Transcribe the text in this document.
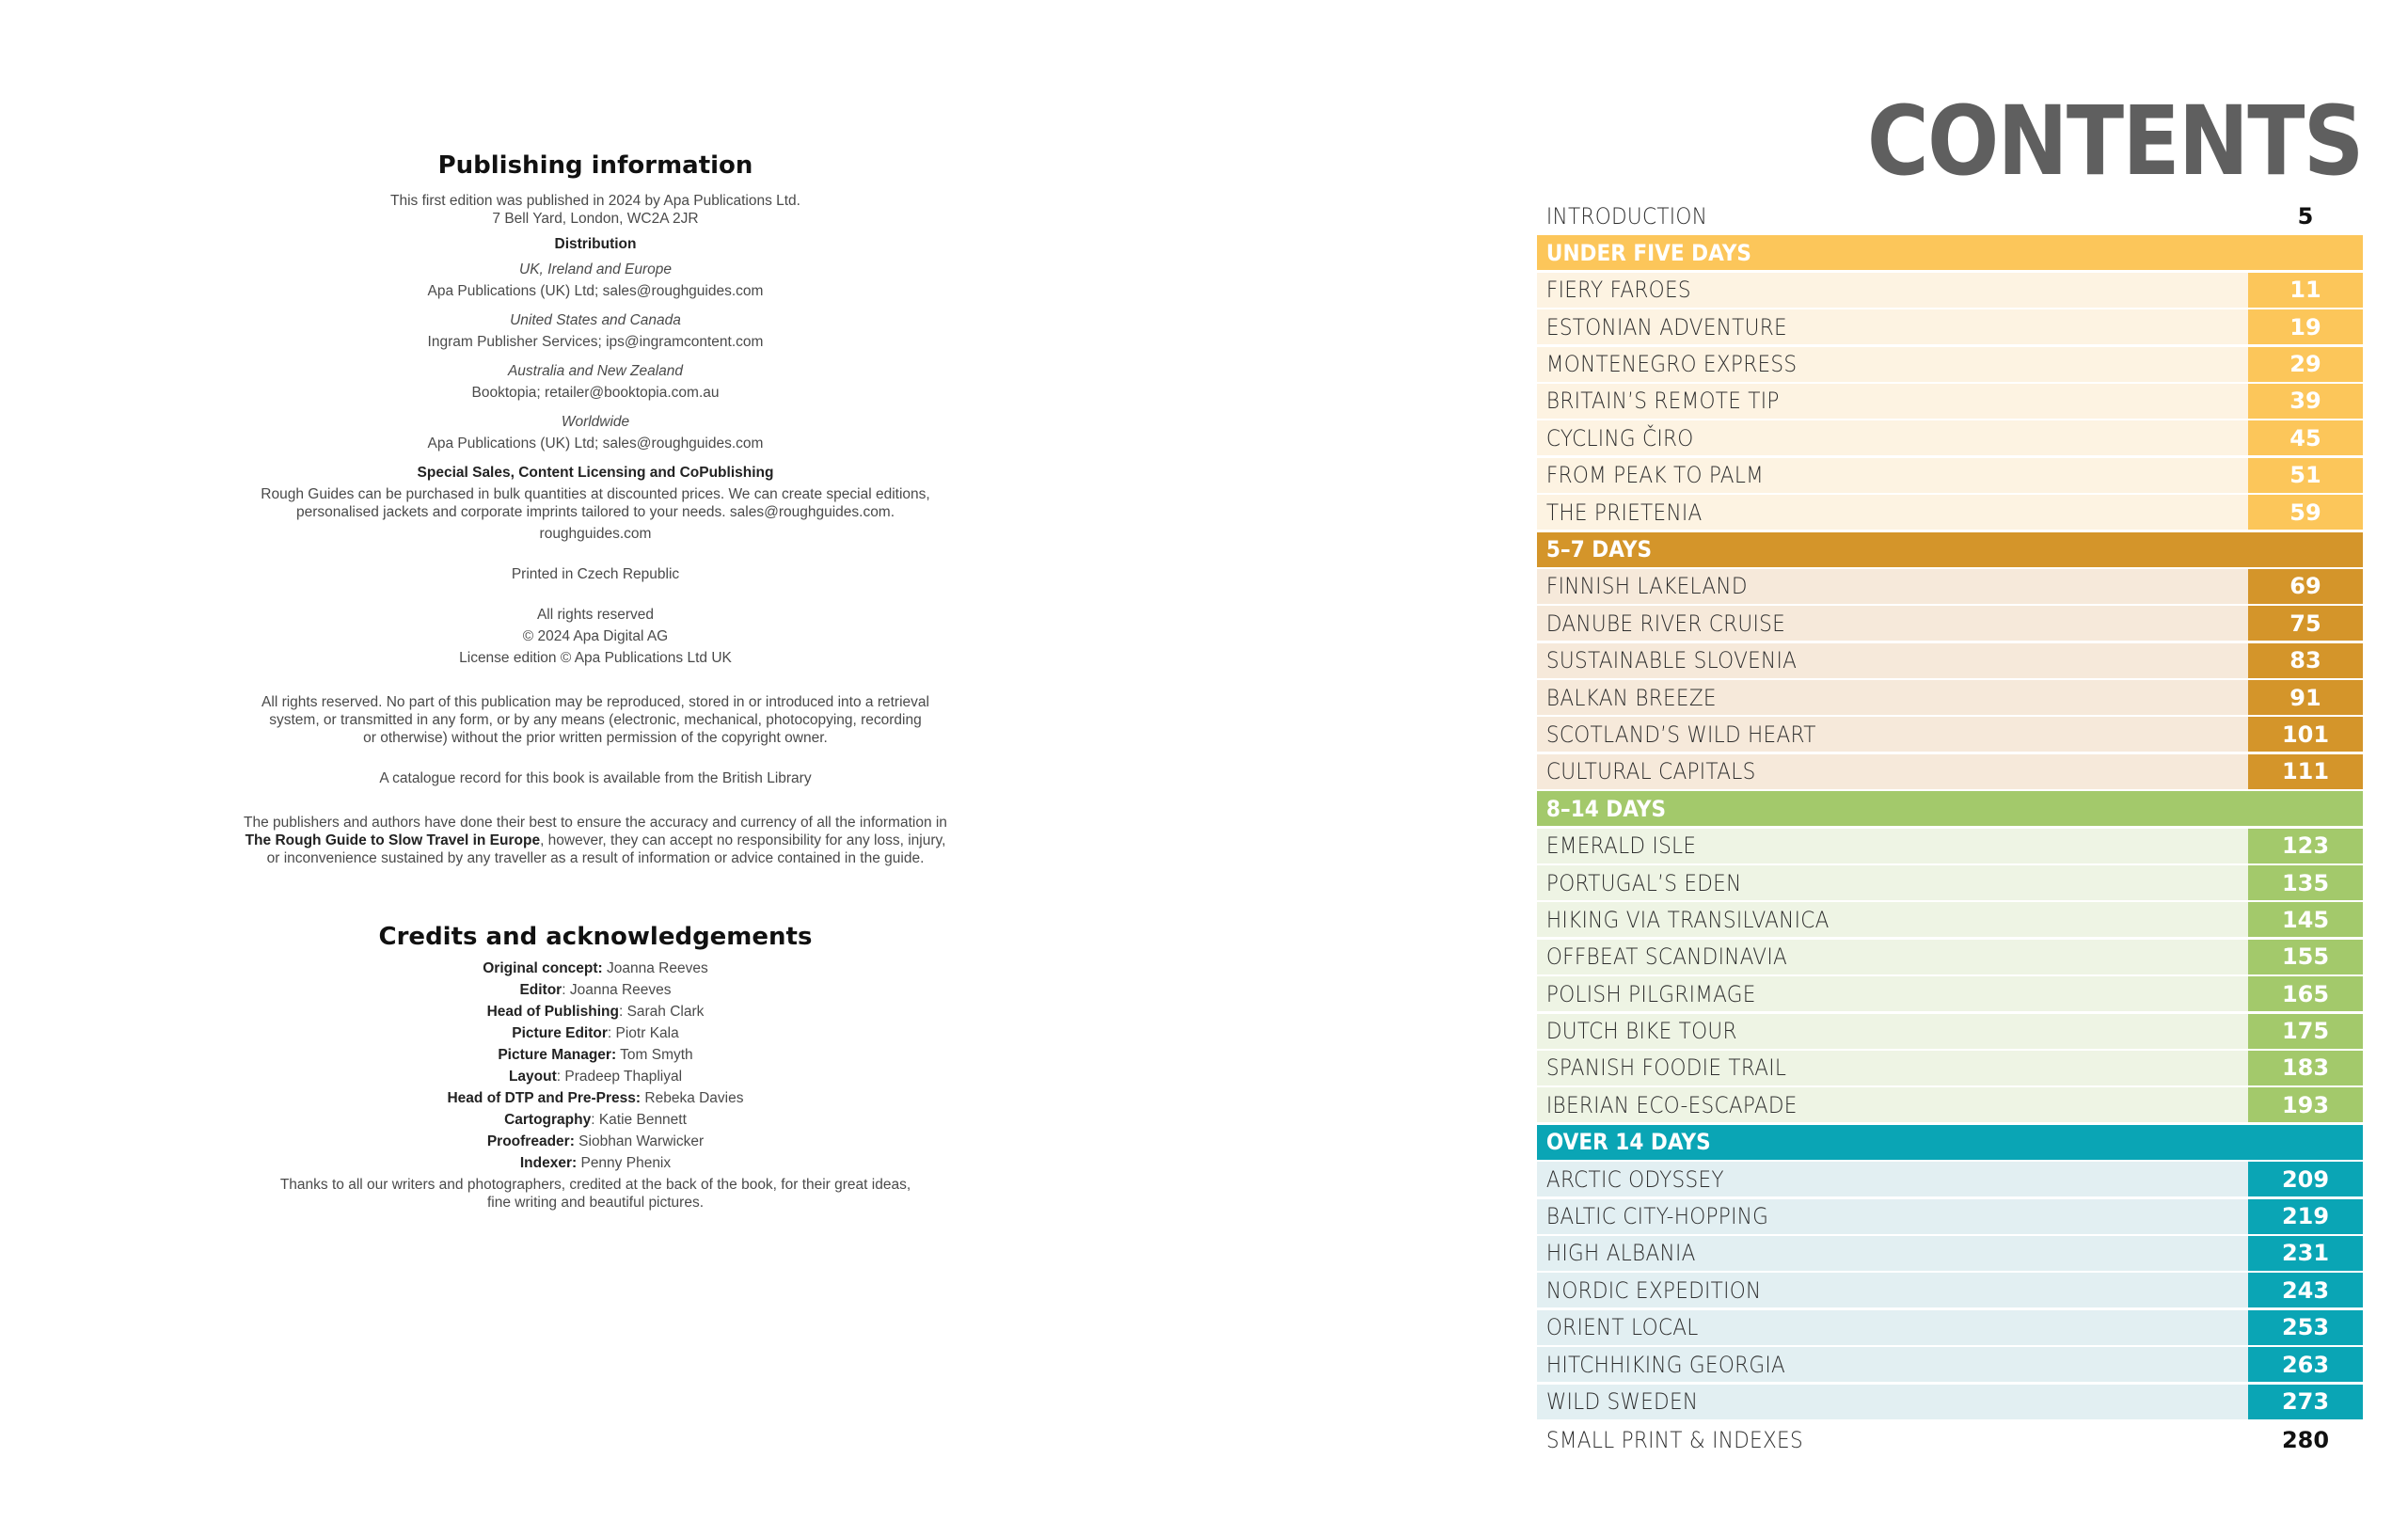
Publishing information
This first edition was published in 2024 by Apa Publications Ltd.
7 Bell Yard, London, WC2A 2JR
Distribution
UK, Ireland and Europe
Apa Publications (UK) Ltd; sales@roughguides.com
United States and Canada
Ingram Publisher Services; ips@ingramcontent.com
Australia and New Zealand
Booktopia; retailer@booktopia.com.au
Worldwide
Apa Publications (UK) Ltd; sales@roughguides.com
Special Sales, Content Licensing and CoPublishing
Rough Guides can be purchased in bulk quantities at discounted prices. We can create special editions,
personalised jackets and corporate imprints tailored to your needs. sales@roughguides.com.
roughguides.com
Printed in Czech Republic
All rights reserved
© 2024 Apa Digital AG
License edition © Apa Publications Ltd UK
All rights reserved. No part of this publication may be reproduced, stored in or introduced into a retrieval
system, or transmitted in any form, or by any means (electronic, mechanical, photocopying, recording
or otherwise) without the prior written permission of the copyright owner.
A catalogue record for this book is available from the British Library
The publishers and authors have done their best to ensure the accuracy and currency of all the information in
The Rough Guide to Slow Travel in Europe, however, they can accept no responsibility for any loss, injury,
or inconvenience sustained by any traveller as a result of information or advice contained in the guide.
Credits and acknowledgements
Original concept: Joanna Reeves
Editor: Joanna Reeves
Head of Publishing: Sarah Clark
Picture Editor: Piotr Kala
Picture Manager: Tom Smyth
Layout: Pradeep Thapliyal
Head of DTP and Pre-Press: Rebeka Davies
Cartography: Katie Bennett
Proofreader: Siobhan Warwicker
Indexer: Penny Phenix
Thanks to all our writers and photographers, credited at the back of the book, for their great ideas,
fine writing and beautiful pictures.
CONTENTS
INTRODUCTION	5
UNDER FIVE DAYS
FIERY FAROES	11
ESTONIAN ADVENTURE	19
MONTENEGRO EXPRESS	29
BRITAIN’S REMOTE TIP	39
CYCLING ČIRO	45
FROM PEAK TO PALM	51
THE PRIETENIA	59
5–7 DAYS
FINNISH LAKELAND	69
DANUBE RIVER CRUISE	75
SUSTAINABLE SLOVENIA	83
BALKAN BREEZE	91
SCOTLAND’S WILD HEART	101
CULTURAL CAPITALS	111
8–14 DAYS
EMERALD ISLE	123
PORTUGAL’S EDEN	135
HIKING VIA TRANSILVANICA	145
OFFBEAT SCANDINAVIA	155
POLISH PILGRIMAGE	165
DUTCH BIKE TOUR	175
SPANISH FOODIE TRAIL	183
IBERIAN ECO-ESCAPADE	193
OVER 14 DAYS
ARCTIC ODYSSEY	209
BALTIC CITY-HOPPING	219
HIGH ALBANIA	231
NORDIC EXPEDITION	243
ORIENT LOCAL	253
HITCHHIKING GEORGIA	263
WILD SWEDEN	273
SMALL PRINT & INDEXES	280
